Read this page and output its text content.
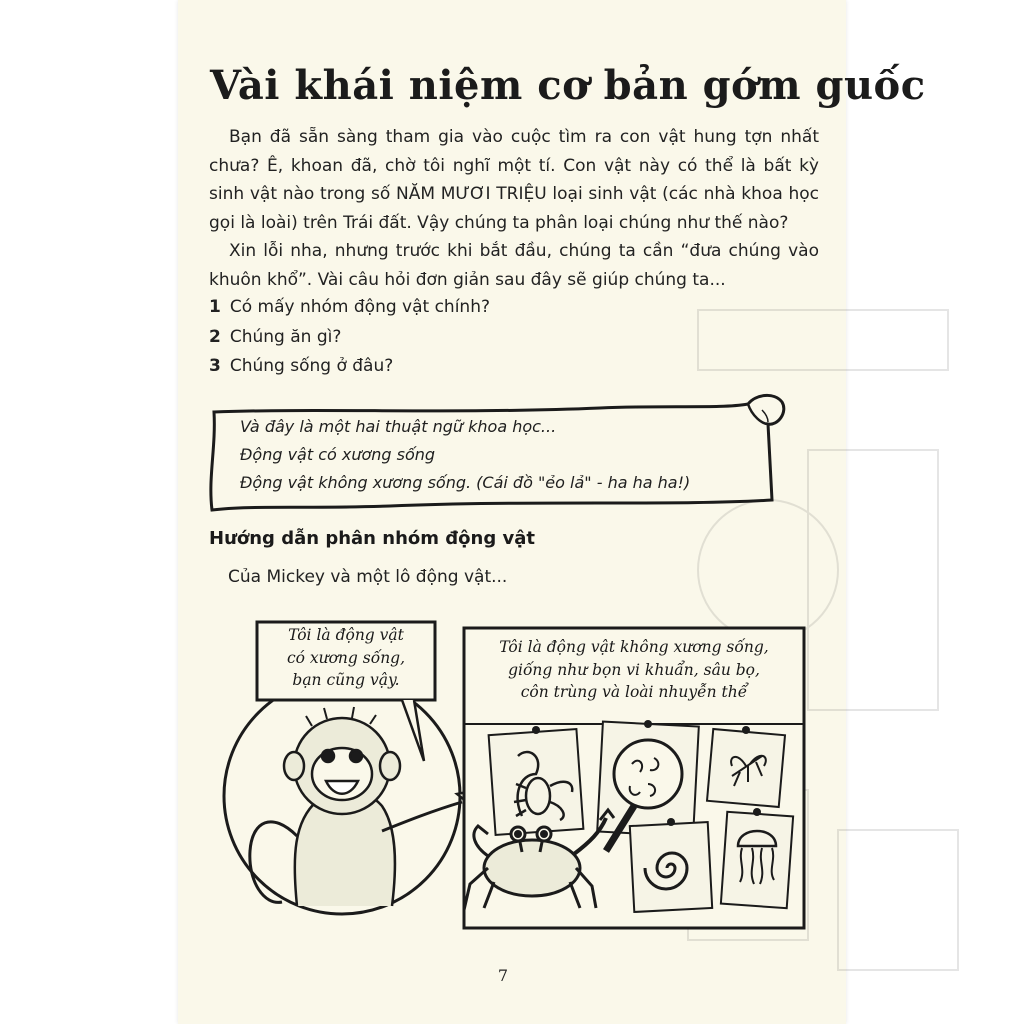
Vài khái niệm cơ bản gớm guốc

Bạn đã sẵn sàng tham gia vào cuộc tìm ra con vật hung tợn nhất chưa? Ê, khoan đã, chờ tôi nghĩ một tí. Con vật này có thể là bất kỳ sinh vật nào trong số NĂM MƯƠI TRIỆU loại sinh vật (các nhà khoa học gọi là loài) trên Trái đất. Vậy chúng ta phân loại chúng như thế nào?

Xin lỗi nha, nhưng trước khi bắt đầu, chúng ta cần “đưa chúng vào khuôn khổ”. Vài câu hỏi đơn giản sau đây sẽ giúp chúng ta...

1 Có mấy nhóm động vật chính?
2 Chúng ăn gì?
3 Chúng sống ở đâu?
Và đây là một hai thuật ngữ khoa học...
Động vật có xương sống
Động vật không xương sống. (Cái đồ "ẻo lả" - ha ha ha!)
Hướng dẫn phân nhóm động vật

Của Mickey và một lô động vật...

Tôi là động vật
có xương sống,
bạn cũng vậy.
Tôi là động vật không xương sống,
giống như bọn vi khuẩn, sâu bọ,
côn trùng và loài nhuyễn thể
7
